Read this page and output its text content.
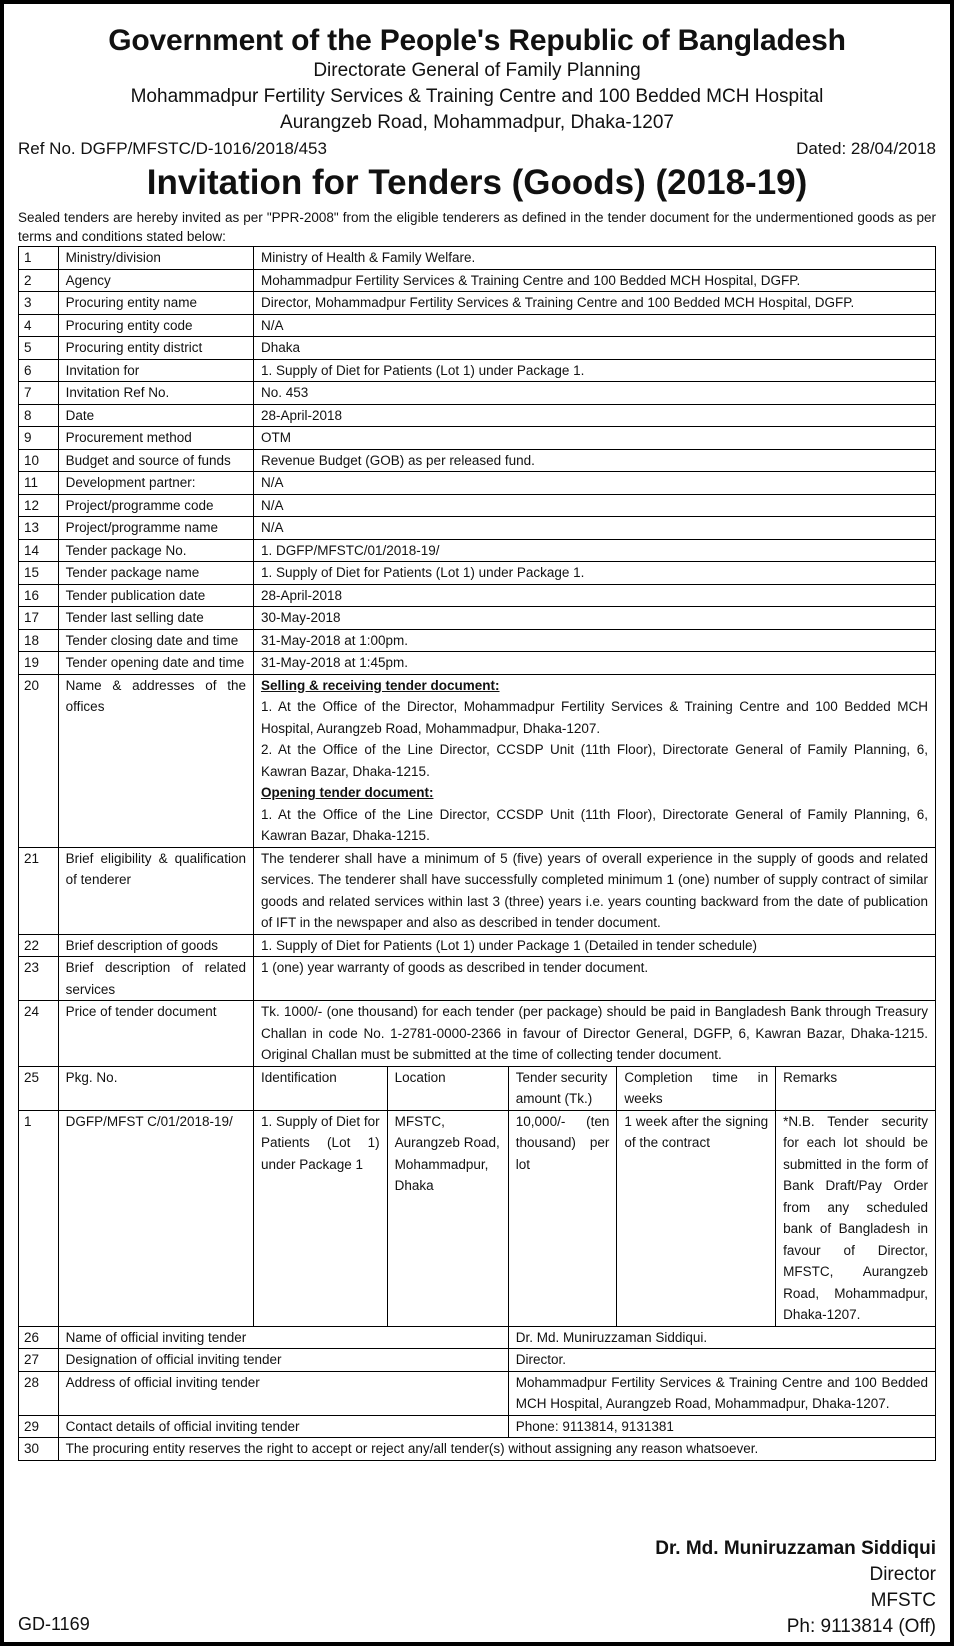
Government of the People's Republic of Bangladesh
Directorate General of Family Planning
Mohammadpur Fertility Services & Training Centre and 100 Bedded MCH Hospital
Aurangzeb Road, Mohammadpur, Dhaka-1207
Ref No. DGFP/MFSTC/D-1016/2018/453	Dated: 28/04/2018
Invitation for Tenders (Goods) (2018-19)
Sealed tenders are hereby invited as per "PPR-2008" from the eligible tenderers as defined in the tender document for the undermentioned goods as per terms and conditions stated below:
1	Ministry/division	Ministry of Health & Family Welfare.				
2	Agency	Mohammadpur Fertility Services & Training Centre and 100 Bedded MCH Hospital, DGFP.				
3	Procuring entity name	Director, Mohammadpur Fertility Services & Training Centre and 100 Bedded MCH Hospital, DGFP.				
4	Procuring entity code	N/A				
5	Procuring entity district	Dhaka				
6	Invitation for	1. Supply of Diet for Patients (Lot 1) under Package 1.				
7	Invitation Ref No.	No. 453				
8	Date	28-April-2018				
9	Procurement method	OTM				
10	Budget and source of funds	Revenue Budget (GOB) as per released fund.				
11	Development partner:	N/A				
12	Project/programme code	N/A				
13	Project/programme name	N/A				
14	Tender package No.	1. DGFP/MFSTC/01/2018-19/				
15	Tender package name	1. Supply of Diet for Patients (Lot 1) under Package 1.				
16	Tender publication date	28-April-2018				
17	Tender last selling date	30-May-2018				
18	Tender closing date and time	31-May-2018 at 1:00pm.				
19	Tender opening date and time	31-May-2018 at 1:45pm.				
20	Name & addresses of the offices	Selling & receiving tender document:
1. At the Office of the Director, Mohammadpur Fertility Services & Training Centre and 100 Bedded MCH Hospital, Aurangzeb Road, Mohammadpur, Dhaka-1207.
2. At the Office of the Line Director, CCSDP Unit (11th Floor), Directorate General of Family Planning, 6, Kawran Bazar, Dhaka-1215.
Opening tender document:
1. At the Office of the Line Director, CCSDP Unit (11th Floor), Directorate General of Family Planning, 6, Kawran Bazar, Dhaka-1215.				

21	Brief eligibility & qualification of tenderer	The tenderer shall have a minimum of 5 (five) years of overall experience in the supply of goods and related services. The tenderer shall have successfully completed minimum 1 (one) number of supply contract of similar goods and related services within last 3 (three) years i.e. years counting backward from the date of publication of IFT in the newspaper and also as described in tender document.				
22	Brief description of goods	1. Supply of Diet for Patients (Lot 1) under Package 1 (Detailed in tender schedule)				
23	Brief description of related services	1 (one) year warranty of goods as described in tender document.				
24	Price of tender document	Tk. 1000/- (one thousand) for each tender (per package) should be paid in Bangladesh Bank through Treasury Challan in code No. 1-2781-0000-2366 in favour of Director General, DGFP, 6, Kawran Bazar, Dhaka-1215. Original Challan must be submitted at the time of collecting tender document.				
25	Pkg. No.	Identification	Location	Tender security amount (Tk.)	Completion time in weeks	Remarks
1	DGFP/MFST C/01/2018-19/	1. Supply of Diet for Patients (Lot 1) under Package 1	MFSTC, Aurangzeb Road, Mohammadpur, Dhaka	10,000/- (ten thousand) per lot	1 week after the signing of the contract	*N.B. Tender security for each lot should be submitted in the form of Bank Draft/Pay Order from any scheduled bank of Bangladesh in favour of Director, MFSTC, Aurangzeb Road, Mohammadpur, Dhaka-1207.
26	Name of official inviting tender			Dr. Md. Muniruzzaman Siddiqui.		
27	Designation of official inviting tender			Director.		
28	Address of official inviting tender			Mohammadpur Fertility Services & Training Centre and 100 Bedded MCH Hospital, Aurangzeb Road, Mohammadpur, Dhaka-1207.		
29	Contact details of official inviting tender			Phone: 9113814, 9131381		
30	The procuring entity reserves the right to accept or reject any/all tender(s) without assigning any reason whatsoever.					
Dr. Md. Muniruzzaman Siddiqui
Director
MFSTC
Ph: 9113814 (Off)
GD-1169
